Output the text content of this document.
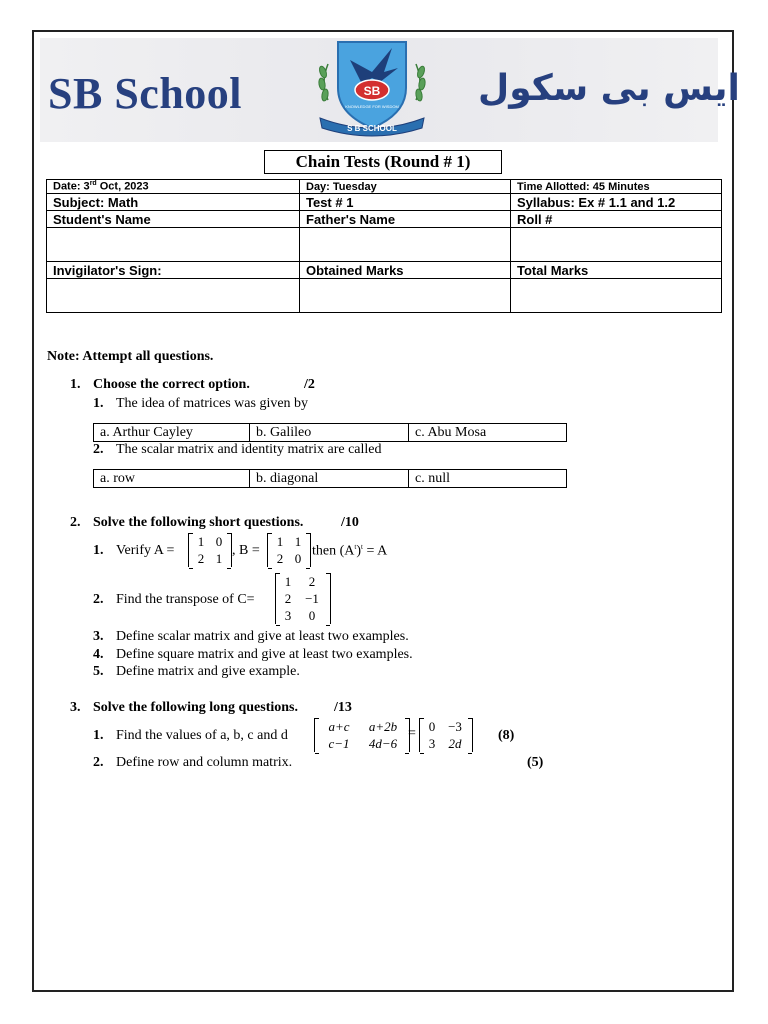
SB School	ایس بی سکول
SB
KNOWLEDGE FOR WISDOM
S B SCHOOL
Chain Tests (Round # 1)
Date: 3rd Oct, 2023	Day: Tuesday	Time Allotted: 45 Minutes
Subject: Math	Test # 1	Syllabus: Ex # 1.1 and 1.2
Student's Name	Father's Name	Roll #

Invigilator's Sign:	Obtained Marks	Total Marks

Note: Attempt all questions.
1. Choose the correct option.	/2
1. The idea of matrices was given by
a. Arthur Cayley	b. Galileo	c. Abu Mosa
2. The scalar matrix and identity matrix are called
a. row	b. diagonal	c. null
2. Solve the following short questions.	/10
1. Verify A =
1 0
2 1
, B =
1 1
2 0 then $(A^t)^t = A$
2. Find the transpose of C=
1	2
2	−1
3	0
3. Define scalar matrix and give at least two examples.
4. Define square matrix and give at least two examples.
5. Define matrix and give example.
3. Solve the following long questions.	/13
1. Find the values of a, b, c and d
a+c	a+2b
c−1	4d−6
= 0 −3
3	2d
(8)
2. Define row and column matrix.	(5)
